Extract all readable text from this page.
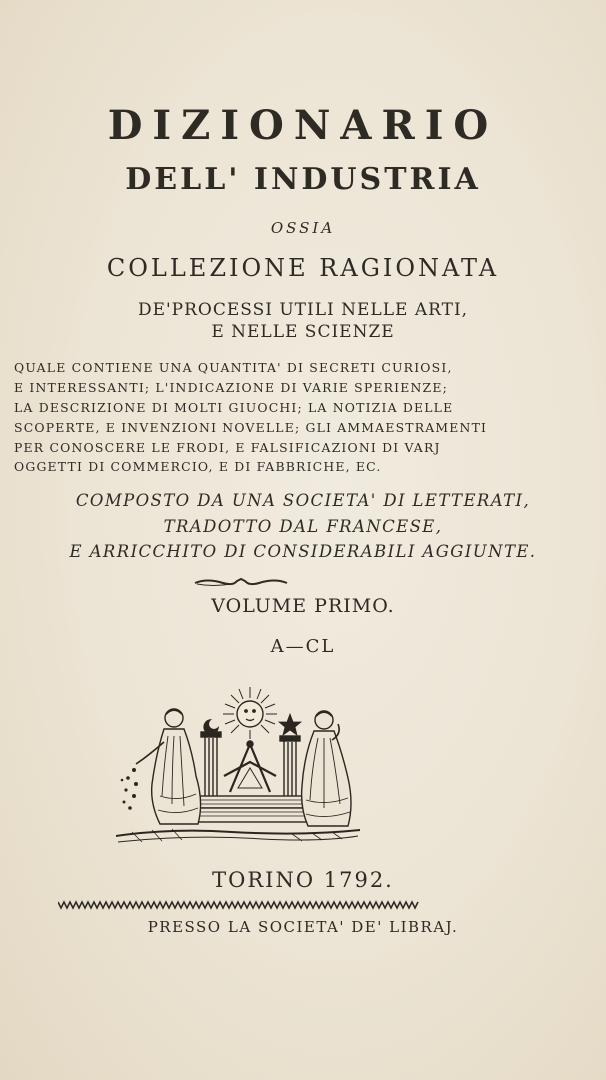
DIZIONARIO
DELL' INDUSTRIA
OSSIA
COLLEZIONE RAGIONATA
DE'PROCESSI UTILI NELLE ARTI,
E NELLE SCIENZE
QUALE CONTIENE UNA QUANTITA' DI SECRETI CURIOSI,
E INTERESSANTI; L'INDICAZIONE DI VARIE SPERIENZE;
LA DESCRIZIONE DI MOLTI GIUOCHI; LA NOTIZIA DELLE
SCOPERTE, E INVENZIONI NOVELLE; GLI AMMAESTRAMENTI
PER CONOSCERE LE FRODI, E FALSIFICAZIONI DI VARJ
OGGETTI DI COMMERCIO, E DI FABBRICHE, EC.
COMPOSTO DA UNA SOCIETA' DI LETTERATI,
TRADOTTO DAL FRANCESE,
E ARRICCHITO DI CONSIDERABILI AGGIUNTE.
VOLUME PRIMO.
A—CL
TORINO 1792.
PRESSO LA SOCIETA' DE' LIBRAJ.
